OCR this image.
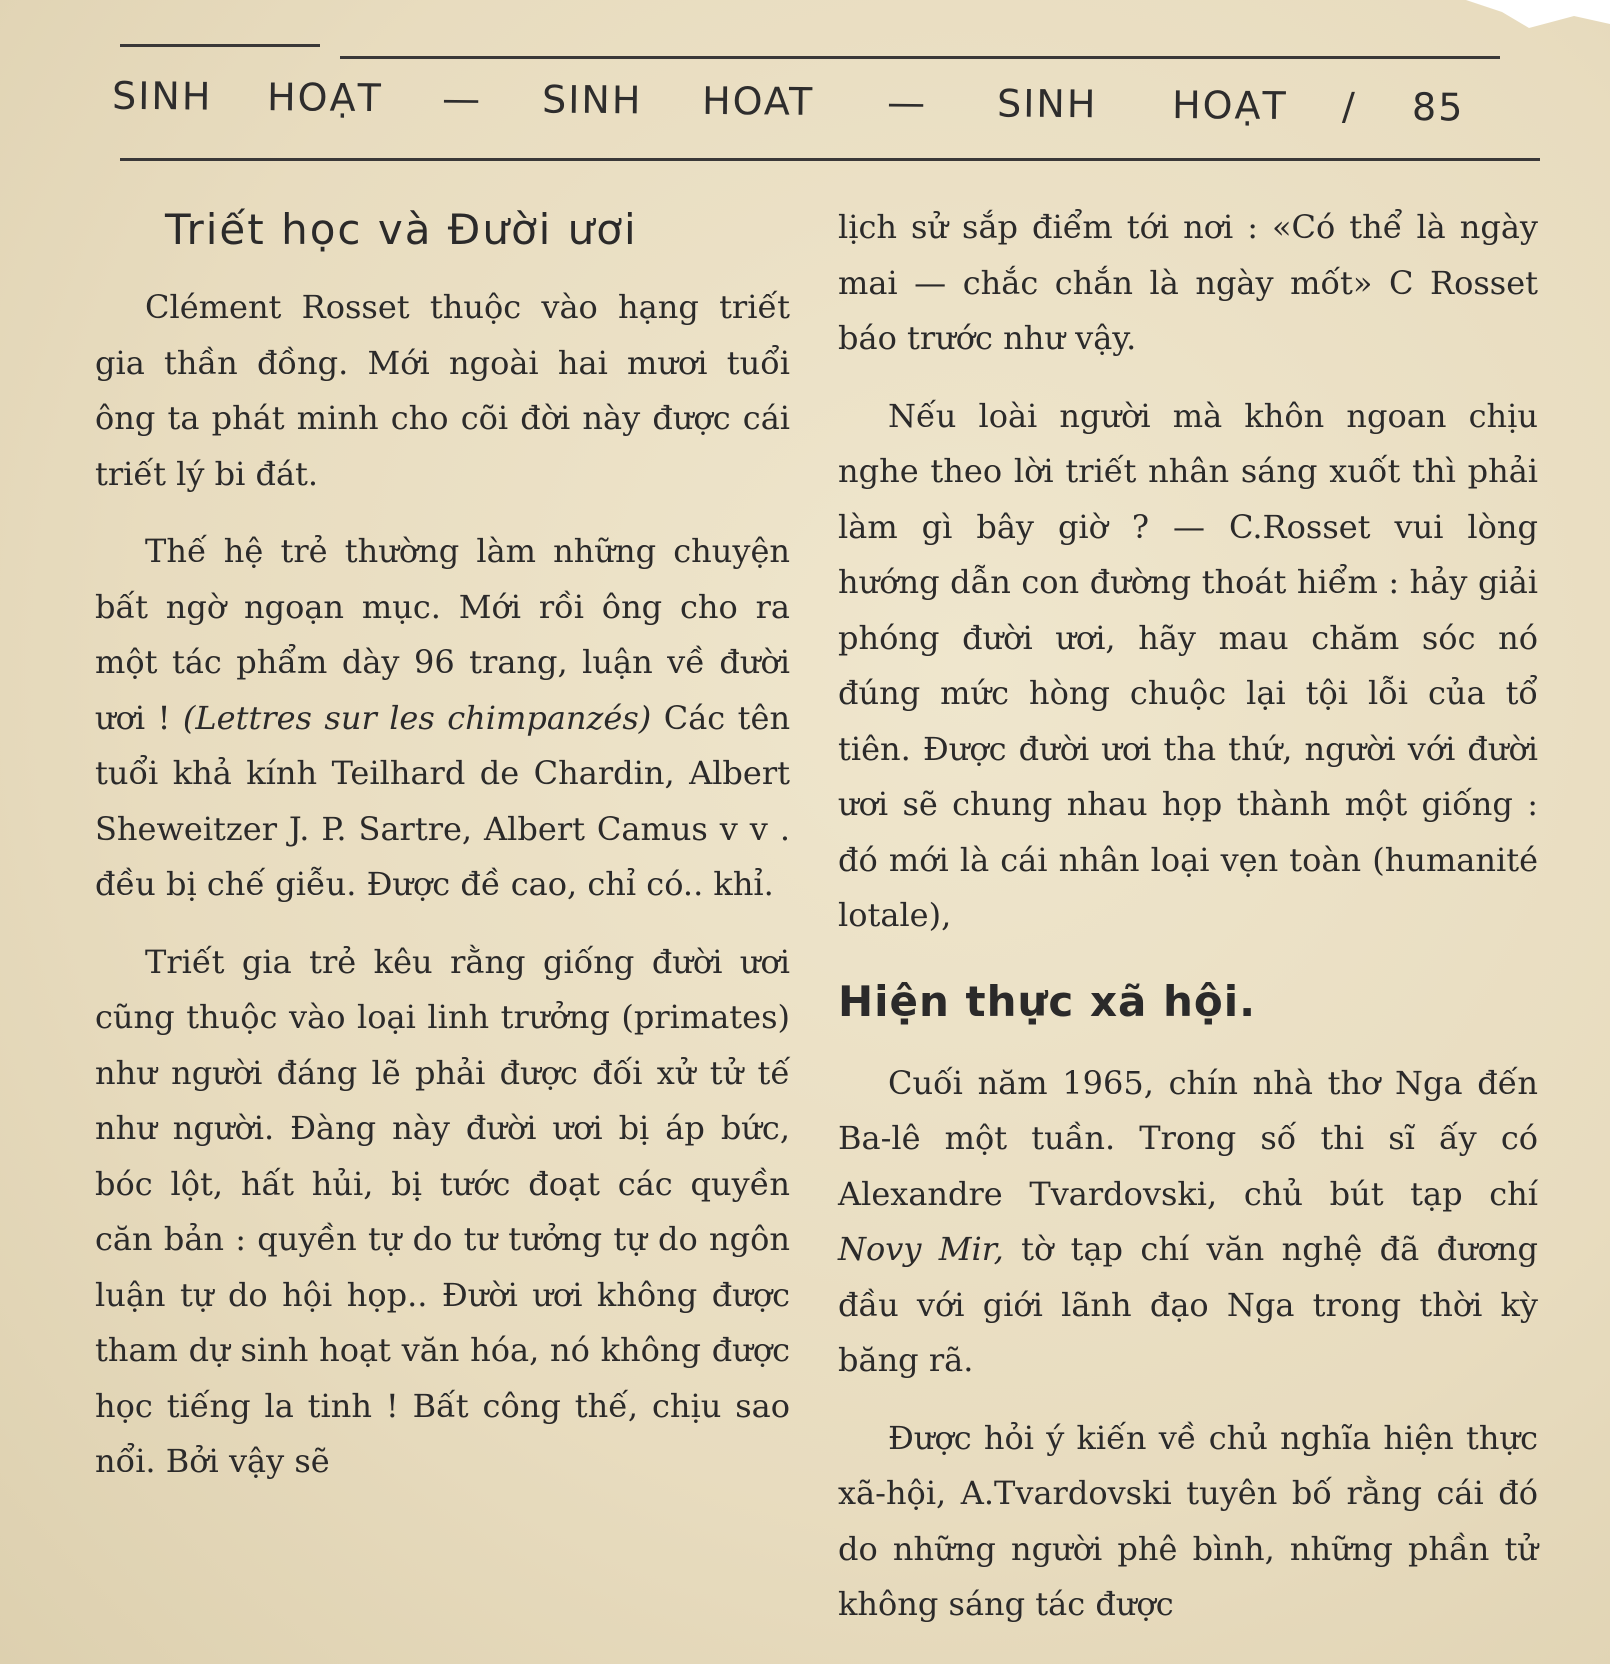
SINH HOẠT — SINH HOAT — SINH HOẠT / 85
Triết học và Đười ươi

Clément Rosset thuộc vào hạng triết gia thần đồng. Mới ngoài hai mươi tuổi ông ta phát minh cho cõi đời này được cái triết lý bi đát.

Thế hệ trẻ thường làm những chuyện bất ngờ ngoạn mục. Mới rồi ông cho ra một tác phẩm dày 96 trang, luận về đười ươi ! (Lettres sur les chimpanzés) Các tên tuổi khả kính Teilhard de Chardin, Albert Sheweitzer J. P. Sartre, Albert Camus v v . đều bị chế giễu. Được đề cao, chỉ có.. khỉ.

Triết gia trẻ kêu rằng giống đười ươi cũng thuộc vào loại linh trưởng (primates) như người đáng lẽ phải được đối xử tử tế như người. Đàng này đười ươi bị áp bức, bóc lột, hất hủi, bị tước đoạt các quyền căn bản : quyền tự do tư tưởng tự do ngôn luận tự do hội họp.. Đười ươi không được tham dự sinh hoạt văn hóa, nó không được học tiếng la tinh ! Bất công thế, chịu sao nổi. Bởi vậy sẽ

lịch sử sắp điểm tới nơi : «Có thể là ngày mai — chắc chắn là ngày mốt» C Rosset báo trước như vậy.

Nếu loài người mà khôn ngoan chịu nghe theo lời triết nhân sáng xuốt thì phải làm gì bây giờ ? — C.Rosset vui lòng hướng dẫn con đường thoát hiểm : hảy giải phóng đười ươi, hãy mau chăm sóc nó đúng mức hòng chuộc lại tội lỗi của tổ tiên. Được đười ươi tha thứ, người với đười ươi sẽ chung nhau họp thành một giống : đó mới là cái nhân loại vẹn toàn (humanité lotale),

Hiện thực xã hội.

Cuối năm 1965, chín nhà thơ Nga đến Ba-lê một tuần. Trong số thi sĩ ấy có Alexandre Tvardovski, chủ bút tạp chí Novy Mir, tờ tạp chí văn nghệ đã đương đầu với giới lãnh đạo Nga trong thời kỳ băng rã.

Được hỏi ý kiến về chủ nghĩa hiện thực xã-hội, A.Tvardovski tuyên bố rằng cái đó do những người phê bình, những phần tử không sáng tác được
